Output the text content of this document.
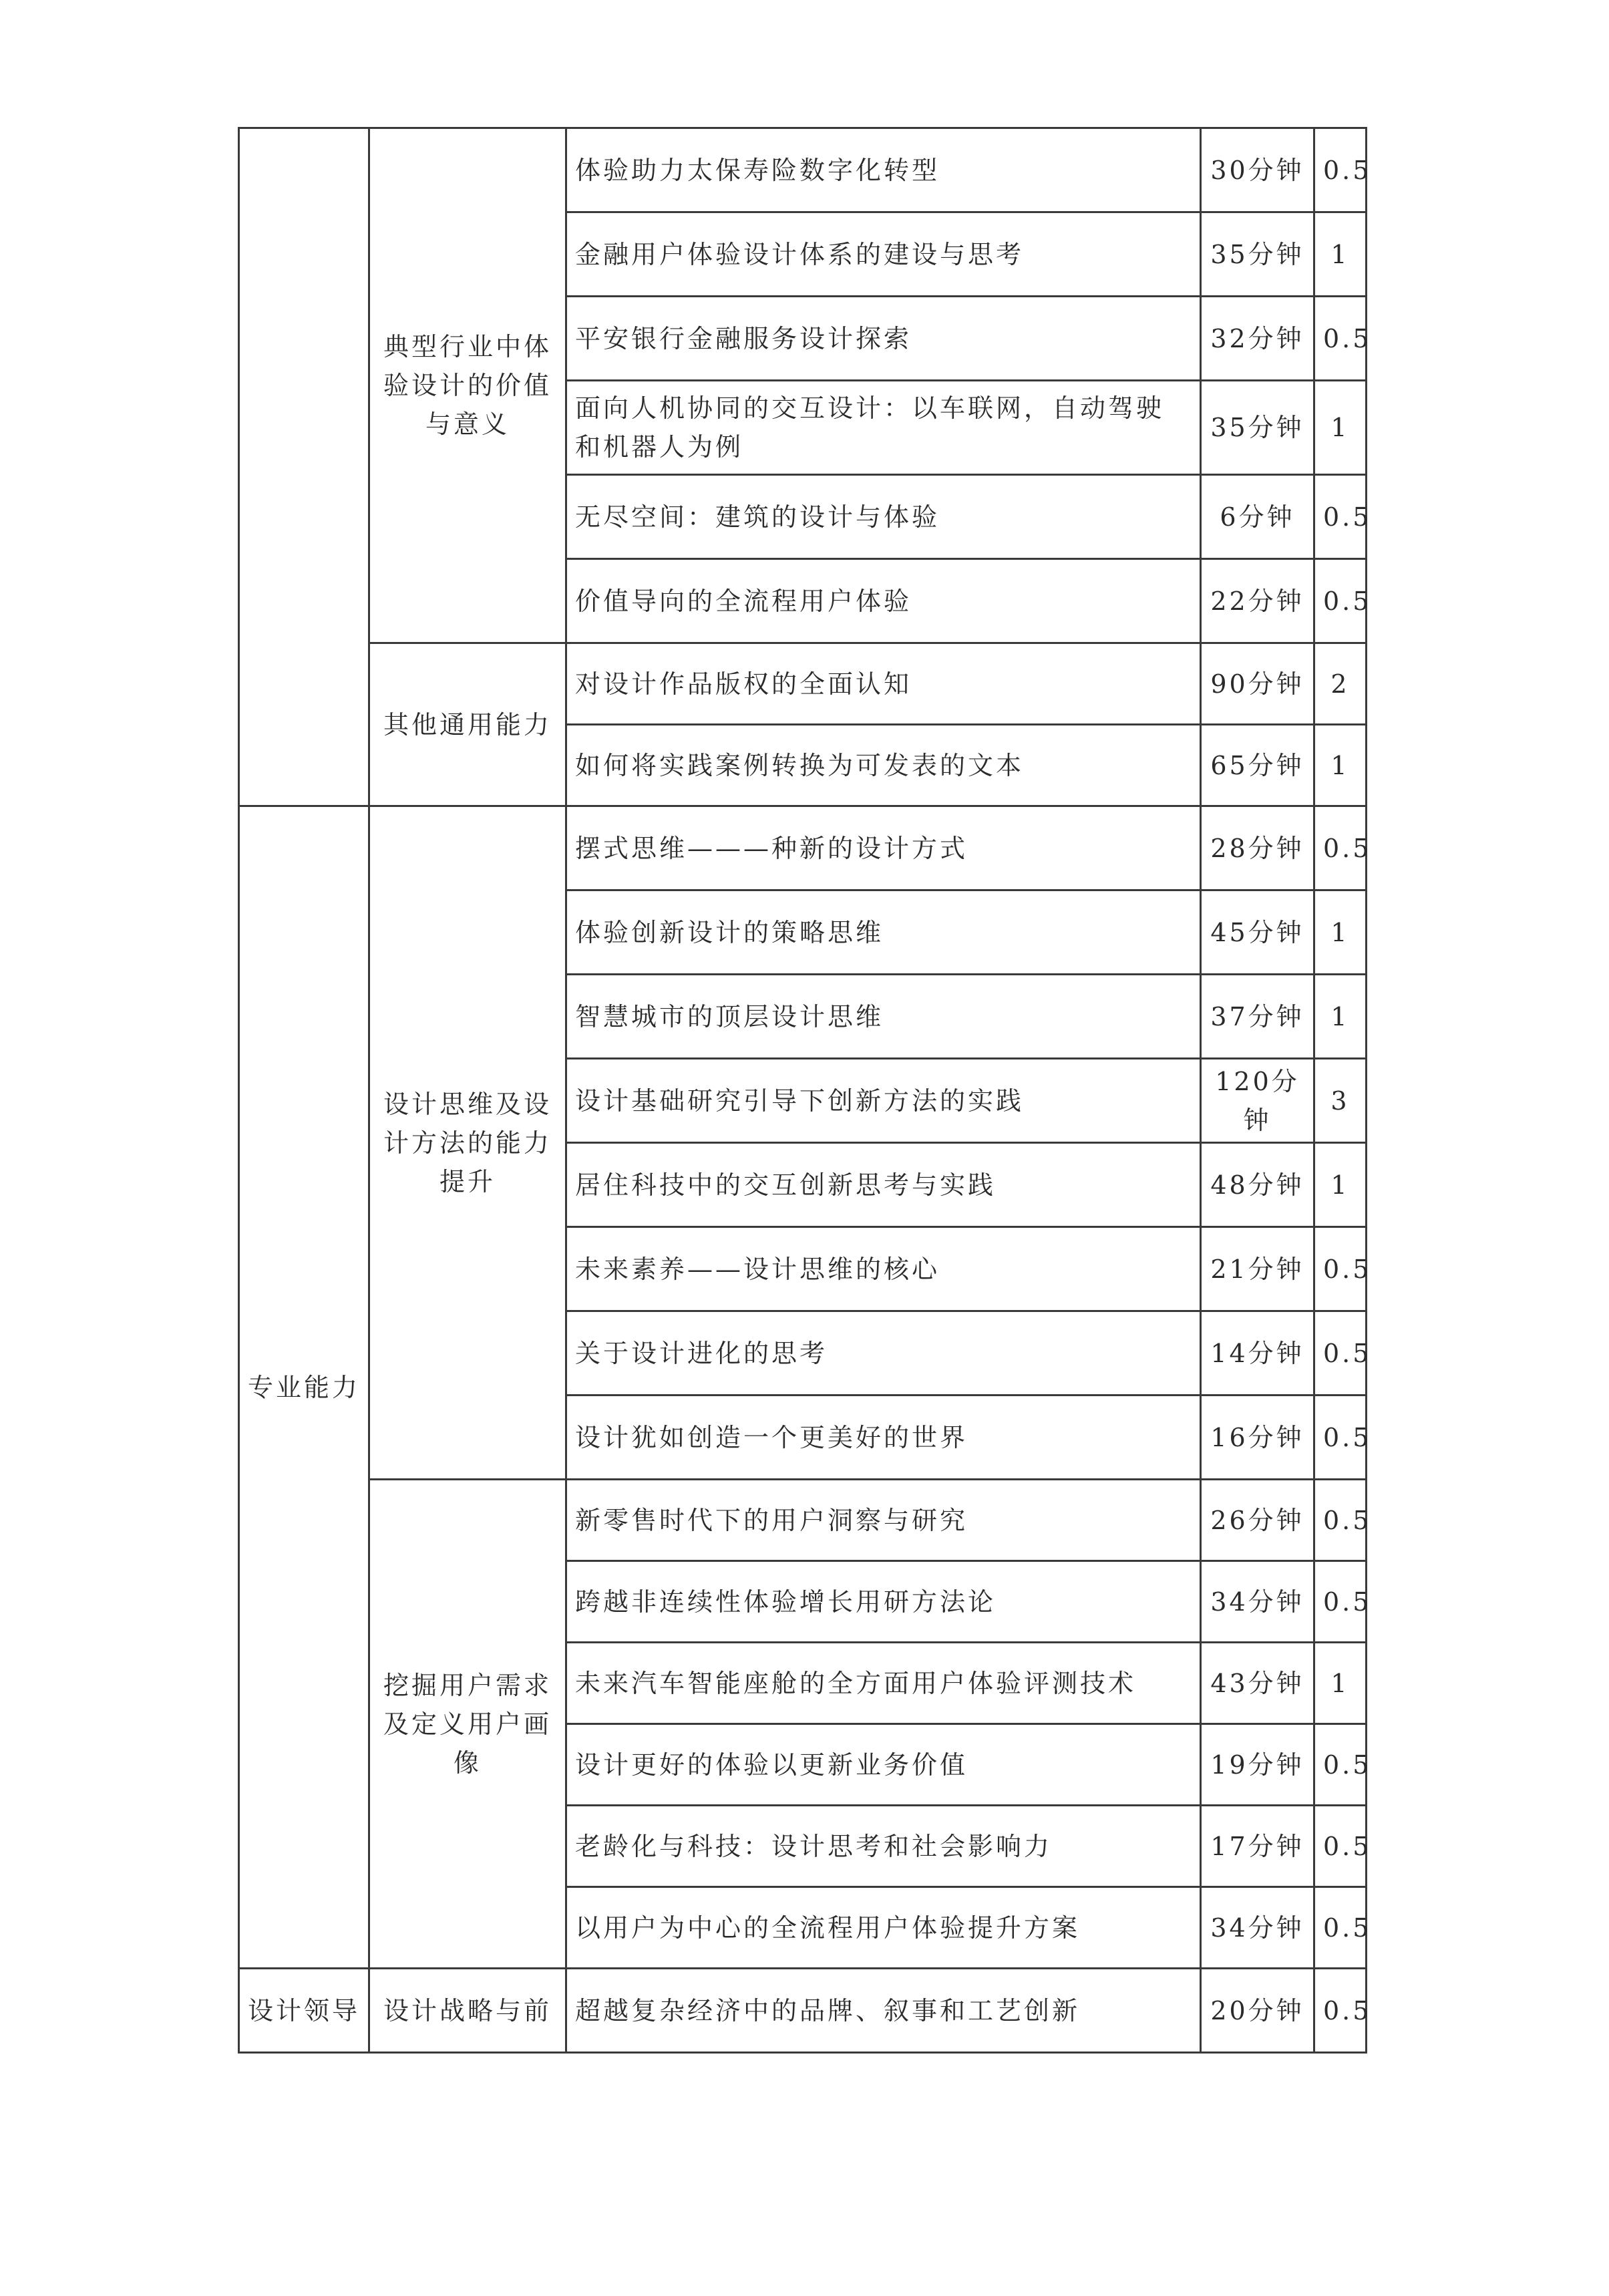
	典型行业中体验设计的价值与意义	体验助力太保寿险数字化转型	30分钟	0.5
		金融用户体验设计体系的建设与思考	35分钟	1
		平安银行金融服务设计探索	32分钟	0.5
		面向人机协同的交互设计：以车联网，自动驾驶和机器人为例	35分钟	1
		无尽空间：建筑的设计与体验	6分钟	0.5
		价值导向的全流程用户体验	22分钟	0.5
	其他通用能力	对设计作品版权的全面认知	90分钟	2
		如何将实践案例转换为可发表的文本	65分钟	1
专业能力	设计思维及设计方法的能力提升	摆式思维———种新的设计方式	28分钟	0.5
		体验创新设计的策略思维	45分钟	1
		智慧城市的顶层设计思维	37分钟	1
		设计基础研究引导下创新方法的实践	120分钟	3
		居住科技中的交互创新思考与实践	48分钟	1
		未来素养——设计思维的核心	21分钟	0.5
		关于设计进化的思考	14分钟	0.5
		设计犹如创造一个更美好的世界	16分钟	0.5
	挖掘用户需求及定义用户画像	新零售时代下的用户洞察与研究	26分钟	0.5
		跨越非连续性体验增长用研方法论	34分钟	0.5
		未来汽车智能座舱的全方面用户体验评测技术	43分钟	1
		设计更好的体验以更新业务价值	19分钟	0.5
		老龄化与科技：设计思考和社会影响力	17分钟	0.5
		以用户为中心的全流程用户体验提升方案	34分钟	0.5
设计领导	设计战略与前	超越复杂经济中的品牌、叙事和工艺创新	20分钟	0.5
